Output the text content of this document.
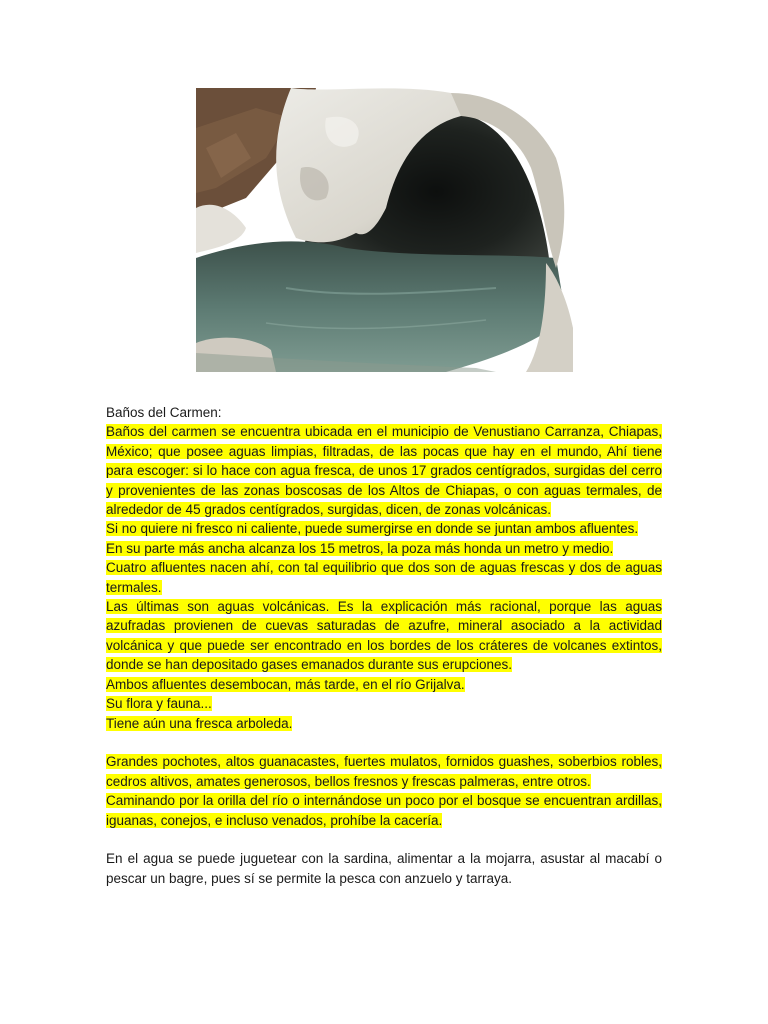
Baños del Carmen:

Baños del carmen se encuentra ubicada en el municipio de Venustiano Carranza, Chiapas, México; que posee aguas limpias, filtradas, de las pocas que hay en el mundo, Ahí tiene para escoger: si lo hace con agua fresca, de unos 17 grados centígrados, surgidas del cerro y provenientes de las zonas boscosas de los Altos de Chiapas, o con aguas termales, de alrededor de 45 grados centígrados, surgidas, dicen, de zonas volcánicas.

Si no quiere ni fresco ni caliente, puede sumergirse en donde se juntan ambos afluentes.

En su parte más ancha alcanza los 15 metros, la poza más honda un metro y medio.

Cuatro afluentes nacen ahí, con tal equilibrio que dos son de aguas frescas y dos de aguas termales.

Las últimas son aguas volcánicas. Es la explicación más racional, porque las aguas azufradas provienen de cuevas saturadas de azufre, mineral asociado a la actividad volcánica y que puede ser encontrado en los bordes de los cráteres de volcanes extintos, donde se han depositado gases emanados durante sus erupciones.

Ambos afluentes desembocan, más tarde, en el río Grijalva.

Su flora y fauna...

Tiene aún una fresca arboleda.

Grandes pochotes, altos guanacastes, fuertes mulatos, fornidos guashes, soberbios robles, cedros altivos, amates generosos, bellos fresnos y frescas palmeras, entre otros.

Caminando por la orilla del río o internándose un poco por el bosque se encuentran ardillas, iguanas, conejos, e incluso venados, prohíbe la cacería.

En el agua se puede juguetear con la sardina, alimentar a la mojarra, asustar al macabí o pescar un bagre, pues sí se permite la pesca con anzuelo y tarraya.
